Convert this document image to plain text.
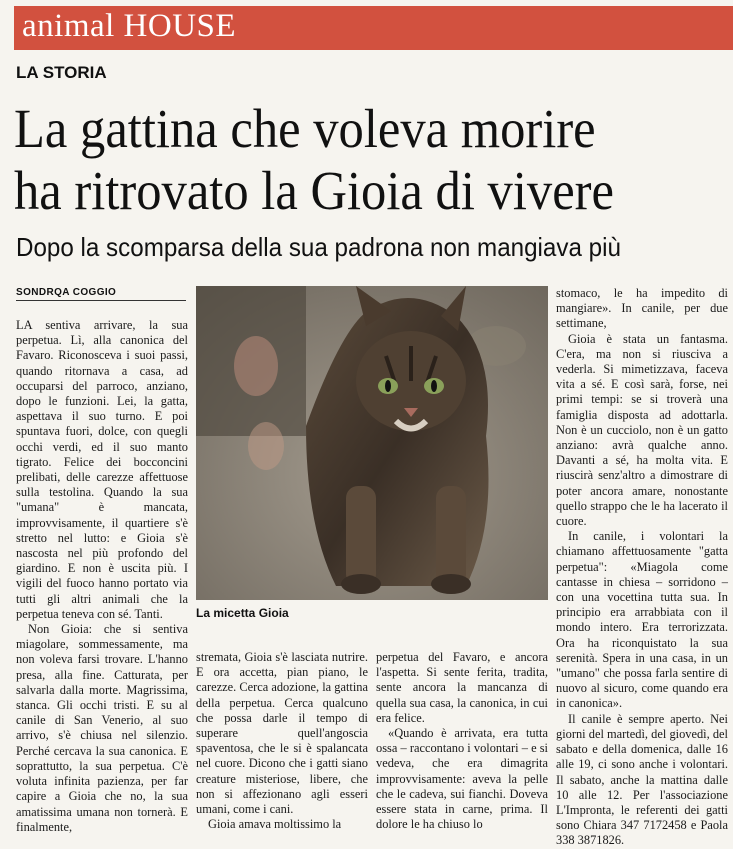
animal HOUSE
LA STORIA
La gattina che voleva morire
ha ritrovato la Gioia di vivere
Dopo la scomparsa della sua padrona non mangiava più
SONDRQA COGGIO

LA sentiva arrivare, la sua perpetua. Lì, alla canonica del Favaro. Riconosceva i suoi passi, quando ritornava a casa, ad occuparsi del parroco, anziano, dopo le funzioni. Lei, la gatta, aspettava il suo turno. E poi spuntava fuori, dolce, con quegli occhi verdi, ed il suo manto tigrato. Felice dei bocconcini prelibati, delle carezze affettuose sulla testolina. Quando la sua "umana" è mancata, improvvisamente, il quartiere s'è stretto nel lutto: e Gioia s'è nascosta nel più profondo del giardino. E non è uscita più. I vigili del fuoco hanno portato via tutti gli altri animali che la perpetua teneva con sé. Tanti.

Non Gioia: che si sentiva miagolare, sommessamente, ma non voleva farsi trovare. L'hanno presa, alla fine. Catturata, per salvarla dalla morte. Magrissima, stanca. Gli occhi tristi. E su al canile di San Venerio, al suo arrivo, s'è chiusa nel silenzio. Perché cercava la sua canonica. E soprattutto, la sua perpetua. C'è voluta infinita pazienza, per far capire a Gioia che no, la sua amatissima umana non tornerà. E finalmente,

La micetta Gioia

stremata, Gioia s'è lasciata nutrire. E ora accetta, pian piano, le carezze. Cerca adozione, la gattina della perpetua. Cerca qualcuno che possa darle il tempo di superare quell'angoscia spaventosa, che le si è spalancata nel cuore. Dicono che i gatti siano creature misteriose, libere, che non si affezionano agli esseri umani, come i cani.

Gioia amava moltissimo la

perpetua del Favaro, e ancora l'aspetta. Si sente ferita, tradita, sente ancora la mancanza di quella sua casa, la canonica, in cui era felice.

«Quando è arrivata, era tutta ossa – raccontano i volontari – e si vedeva, che era dimagrita improvvisamente: aveva la pelle che le cadeva, sui fianchi. Doveva essere stata in carne, prima. Il dolore le ha chiuso lo

stomaco, le ha impedito di mangiare». In canile, per due settimane,

Gioia è stata un fantasma. C'era, ma non si riusciva a vederla. Si mimetizzava, faceva vita a sé. E così sarà, forse, nei primi tempi: se si troverà una famiglia disposta ad adottarla. Non è un cucciolo, non è un gatto anziano: avrà qualche anno. Davanti a sé, ha molta vita. E riuscirà senz'altro a dimostrare di poter ancora amare, nonostante quello strappo che le ha lacerato il cuore.

In canile, i volontari la chiamano affettuosamente "gatta perpetua": «Miagola come cantasse in chiesa – sorridono – con una vocettina tutta sua. In principio era arrabbiata con il mondo intero. Era terrorizzata. Ora ha riconquistato la sua serenità. Spera in una casa, in un "umano" che possa farla sentire di nuovo al sicuro, come quando era in canonica».

Il canile è sempre aperto. Nei giorni del martedì, del giovedì, del sabato e della domenica, dalle 16 alle 19, ci sono anche i volontari. Il sabato, anche la mattina dalle 10 alle 12. Per l'associazione L'Impronta, le referenti dei gatti sono Chiara 347 7172458 e Paola 338 3871826.
